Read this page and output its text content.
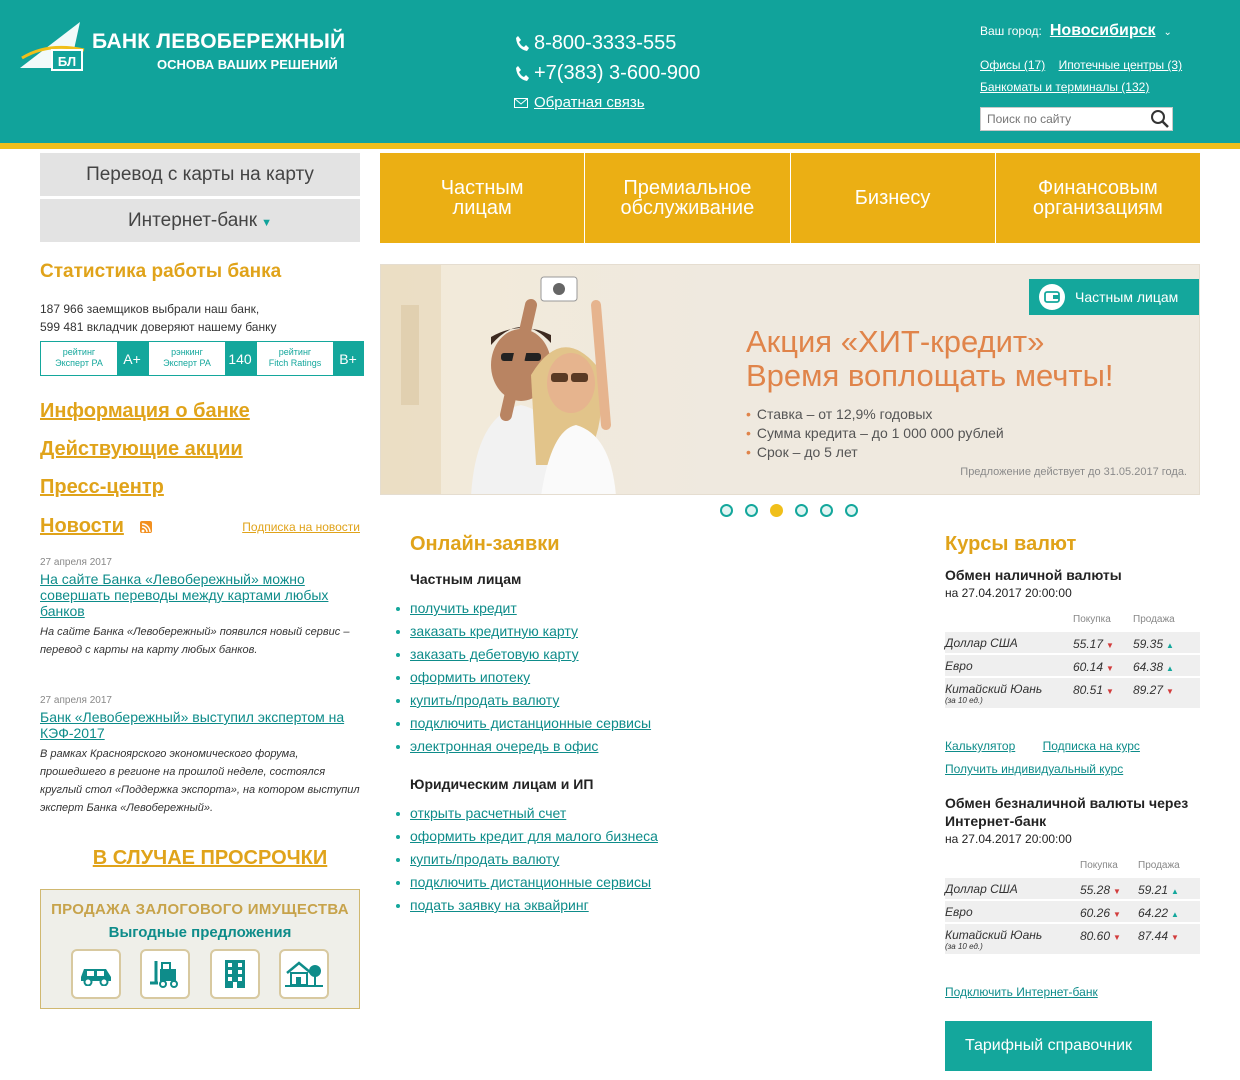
БЛ
БАНК ЛЕВОБЕРЕЖНЫЙ
ОСНОВА ВАШИХ РЕШЕНИЙ
8-800-3333-555
+7(383) 3-600-900
Обратная связь
Ваш город: Новосибирск ⌄
Офисы (17) Ипотечные центры (3)
Банкоматы и терминалы (132)
Поиск по сайту
Перевод с карты на карту
Интернет-банк ▼
Частным
лицам
Премиальное
обслуживание	Бизнесу	Финансовым
организациям
Статистика работы банка
187 966 заемщиков выбрали наш банк,
599 481 вкладчик доверяют нашему банку
рейтинг
Эксперт РА	A+	рэнкинг
Эксперт РА	140	рейтинг
Fitch Ratings	B+
Информация о банке
Действующие акции
Пресс-центр
Новости	Подписка на новости
27 апреля 2017
На сайте Банка «Левобережный» можно совершать переводы между картами любых банков
На сайте Банка «Левобережный» появился новый сервис – перевод с карты на карту любых банков.
27 апреля 2017
Банк «Левобережный» выступил экспертом на КЭФ-2017
В рамках Красноярского экономического форума, прошедшего в регионе на прошлой неделе, состоялся круглый стол «Поддержка экспорта», на котором выступил эксперт Банка «Левобережный».
В СЛУЧАЕ ПРОСРОЧКИ
ПРОДАЖА ЗАЛОГОВОГО ИМУЩЕСТВА
Выгодные предложения
Частным лицам
Акция «ХИТ-кредит»
Время воплощать мечты!
• Ставка – от 12,9% годовых
• Сумма кредита – до 1 000 000 рублей
• Срок – до 5 лет
Предложение действует до 31.05.2017 года.
Онлайн-заявки
Частным лицам
получить кредит
заказать кредитную карту
заказать дебетовую карту
оформить ипотеку
купить/продать валюту
подключить дистанционные сервисы
электронная очередь в офис
Юридическим лицам и ИП
открыть расчетный счет
оформить кредит для малого бизнеса
купить/продать валюту
подключить дистанционные сервисы
подать заявку на эквайринг
Курсы валют
Обмен наличной валюты
на 27.04.2017 20:00:00
Покупка	Продажа
Доллар США	55.17 ▼	59.35 ▲
Евро	60.14 ▼	64.38 ▲
Китайский Юань
(за 10 ед.)
80.51 ▼	89.27 ▼
Калькулятор Подписка на курс
Получить индивидуальный курс
Обмен безналичной валюты через Интернет-банк
на 27.04.2017 20:00:00
Покупка	Продажа
Доллар США	55.28 ▼	59.21 ▲
Евро	60.26 ▼	64.22 ▲
Китайский Юань
(за 10 ед.)
80.60 ▼	87.44 ▼
Подключить Интернет-банк
Тарифный справочник
